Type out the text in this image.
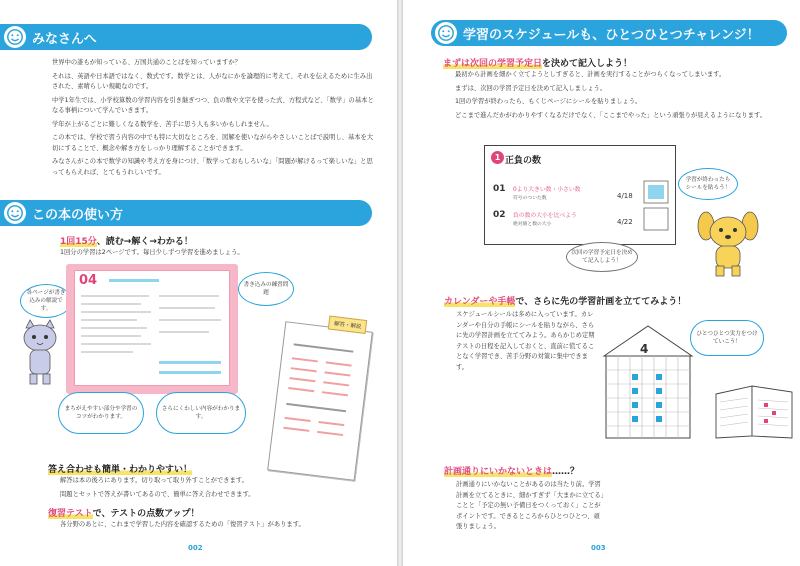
みなさんへ

世界中の誰もが知っている、万国共通のことばを知っていますか？

それは、英語や日本語ではなく、数式です。数学とは、人がなにかを論理的に考えて、それを伝えるために生み出された、素晴らしい規範なのです。

中学1年生では、小学校算数の学習内容を引き継ぎつつ、負の数や文字を使った式、方程式など、「数学」の基本となる事柄について学んでいきます。

学年が上がるごとに難しくなる数学を、苦手に思う人も多いかもしれません。

この本では、学校で習う内容の中でも特に大切なところを、図解を使いながらやさしいことばで説明し、基本を大切にすることで、概念や解き方をしっかり理解することができます。

みなさんがこの本で数学の知識や考え方を身につけ、「数学っておもしろいな」「問題が解けるって楽しいな」と思ってもらえれば、とてもうれしいです。

この本の使い方
1回15分、読む→解く→わかる！
1回分の学習は2ページです。毎日少しずつ学習を進めましょう。
各ページが書き込みの解説です。
04	書き込みの練習問題
解答・解説
まちがえやすい部分や学習のコツがわかります。
さらにくわしい内容がわかります。
答え合わせも簡単・わかりやすい！

解答は本の後ろにあります。切り取って取り外すことができます。

問題とセットで答えが書いてあるので、簡単に答え合わせできます。

復習テストで、テストの点数アップ！
各分野のあとに、これまで学習した内容を確認するための「復習テスト」があります。
002
学習のスケジュールも、ひとつひとつチャレンジ！
まずは次回の学習予定日を決めて記入しよう！

最初から計画を細かく立てようとしすぎると、計画を実行することがつらくなってしまいます。

まずは、次回の学習予定日を決めて記入しましょう。

1回の学習が終わったら、もくじページにシールを貼りましょう。

どこまで進んだかがわかりやすくなるだけでなく、「ここまでやった」という頑張りが見えるようになります。

003
1 正負の数
01 0より大きい数・小さい数
符号のついた数	4/18
02 負の数の大小を比べよう
絶対値と数の大小	4/22
学習が終わったらシールを貼ろう！
次回の学習予定日を決めて記入しよう！
カレンダーや手帳で、さらに先の学習計画を立ててみよう！
スケジュールシールは多めに入っています。カレンダーや自分の手帳にシールを貼りながら、さらに先の学習計画を立ててみよう。あらかじめ定期テストの日程を記入しておくと、直前に慌てることなく学習でき、苦手分野の対策に集中できます。
4
ひとつひとつ実力をつけていこう！
計画通りにいかないときは……？
計画通りにいかないことがあるのは当たり前。学習計画を立てるときに、細かすぎず「大まかに立てる」ことと「予定の無い予備日をつくっておく」ことがポイントです。できるところからひとつひとつ、頑張りましょう。
